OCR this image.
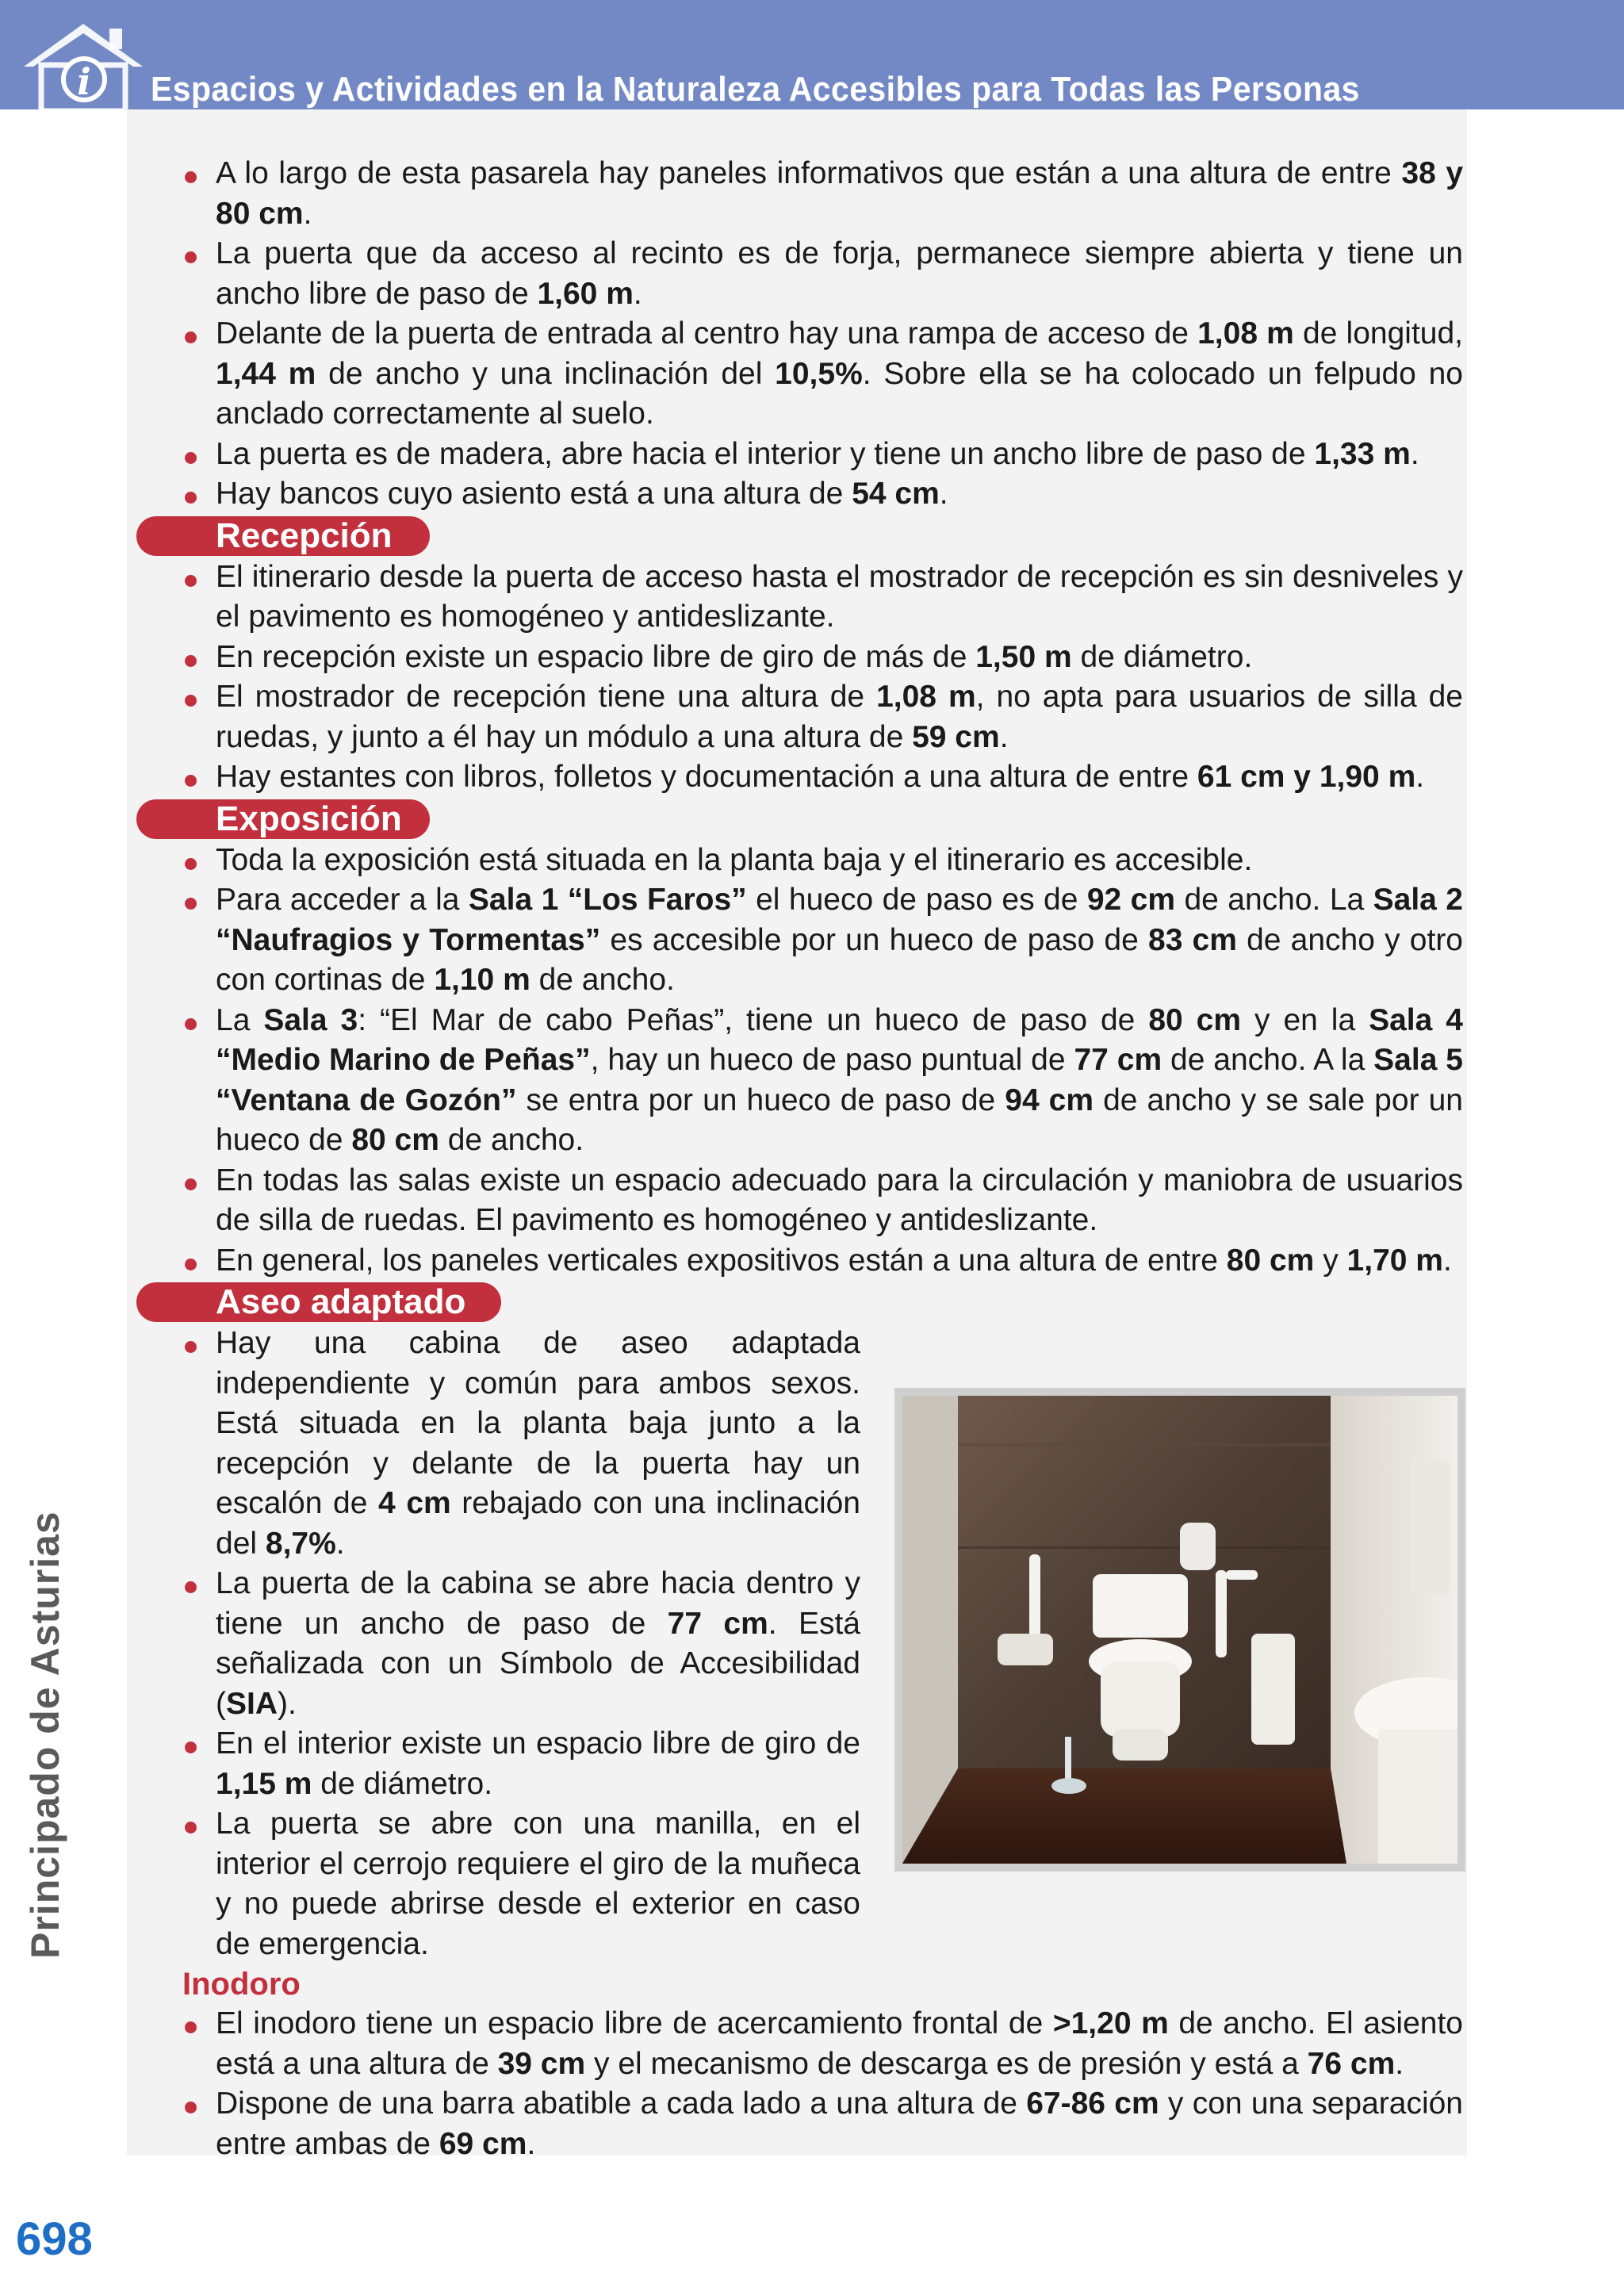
i Espacios y Actividades en la Naturaleza Accesibles para Todas las Personas
Principado de Asturias
698
A lo largo de esta pasarela hay paneles informativos que están a una altura de entre 38 y 80 cm.
La puerta que da acceso al recinto es de forja, permanece siempre abierta y tiene un ancho libre de paso de 1,60 m.
Delante de la puerta de entrada al centro hay una rampa de acceso de 1,08 m de longitud, 1,44 m de ancho y una inclinación del 10,5%. Sobre ella se ha colocado un felpudo no anclado correctamente al suelo.
La puerta es de madera, abre hacia el interior y tiene un ancho libre de paso de 1,33 m.
Hay bancos cuyo asiento está a una altura de 54 cm.
Recepción
El itinerario desde la puerta de acceso hasta el mostrador de recepción es sin desniveles y el pavimento es homogéneo y antideslizante.
En recepción existe un espacio libre de giro de más de 1,50 m de diámetro.
El mostrador de recepción tiene una altura de 1,08 m, no apta para usuarios de silla de ruedas, y junto a él hay un módulo a una altura de 59 cm.
Hay estantes con libros, folletos y documentación a una altura de entre 61 cm y 1,90 m.
Exposición
Toda la exposición está situada en la planta baja y el itinerario es accesible.
Para acceder a la Sala 1 “Los Faros” el hueco de paso es de 92 cm de ancho. La Sala 2 “Naufragios y Tormentas” es accesible por un hueco de paso de 83 cm de ancho y otro con cortinas de 1,10 m de ancho.
La Sala 3: “El Mar de cabo Peñas”, tiene un hueco de paso de 80 cm y en la Sala 4 “Medio Marino de Peñas”, hay un hueco de paso puntual de 77 cm de ancho. A la Sala 5 “Ventana de Gozón” se entra por un hueco de paso de 94 cm de ancho y se sale por un hueco de 80 cm de ancho.
En todas las salas existe un espacio adecuado para la circulación y maniobra de usuarios de silla de ruedas. El pavimento es homogéneo y antideslizante.
En general, los paneles verticales expositivos están a una altura de entre 80 cm y 1,70 m.
Aseo adaptado
Hay una cabina de aseo adaptada independiente y común para ambos sexos. Está situada en la planta baja junto a la recepción y delante de la puerta hay un escalón de 4 cm rebajado con una inclinación del 8,7%.
La puerta de la cabina se abre hacia dentro y tiene un ancho de paso de 77 cm. Está señalizada con un Símbolo de Accesibilidad (SIA).
En el interior existe un espacio libre de giro de 1,15 m de diámetro.
La puerta se abre con una manilla, en el interior el cerrojo requiere el giro de la muñeca y no puede abrirse desde el exterior en caso de emergencia.
Inodoro
El inodoro tiene un espacio libre de acercamiento frontal de >1,20 m de ancho. El asiento está a una altura de 39 cm y el mecanismo de descarga es de presión y está a 76 cm.
Dispone de una barra abatible a cada lado a una altura de 67-86 cm y con una separación entre ambas de 69 cm.
